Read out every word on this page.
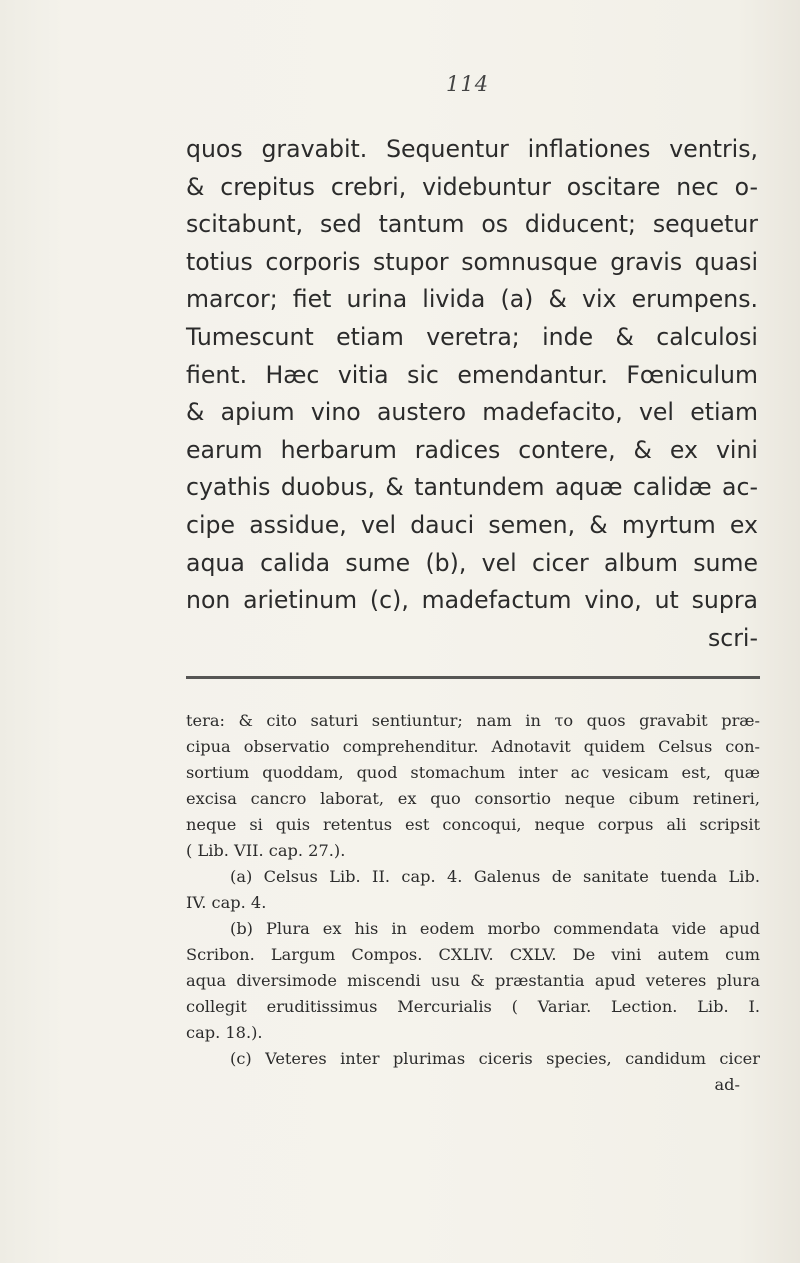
114
quos gravabit. Sequentur inflationes ventris,
& crepitus crebri, videbuntur oscitare nec o-
scitabunt, sed tantum os diducent; sequetur
totius corporis stupor somnusque gravis quasi
marcor; fiet urina livida (a) & vix erumpens.
Tumescunt etiam veretra; inde & calculosi
fient. Hæc vitia sic emendantur. Fœniculum
& apium vino austero madefacito, vel etiam
earum herbarum radices contere, & ex vini
cyathis duobus, & tantundem aquæ calidæ ac-
cipe assidue, vel dauci semen, & myrtum ex
aqua calida sume (b), vel cicer album sume
non arietinum (c), madefactum vino, ut supra
scri-
tera: & cito saturi sentiuntur; nam in το quos gravabit præ-
cipua observatio comprehenditur. Adnotavit quidem Celsus con-
sortium quoddam, quod stomachum inter ac vesicam est, quæ
excisa cancro laborat, ex quo consortio neque cibum retineri,
neque si quis retentus est concoqui, neque corpus ali scripsit
( Lib. VII. cap. 27.).
(a) Celsus Lib. II. cap. 4. Galenus de sanitate tuenda Lib.
IV. cap. 4.
(b) Plura ex his in eodem morbo commendata vide apud
Scribon. Largum Compos. CXLIV. CXLV. De vini autem cum
aqua diversimode miscendi usu & præstantia apud veteres plura
collegit eruditissimus Mercurialis ( Variar. Lection. Lib. I.
cap. 18.).
(c) Veteres inter plurimas ciceris species, candidum cicer
ad-
